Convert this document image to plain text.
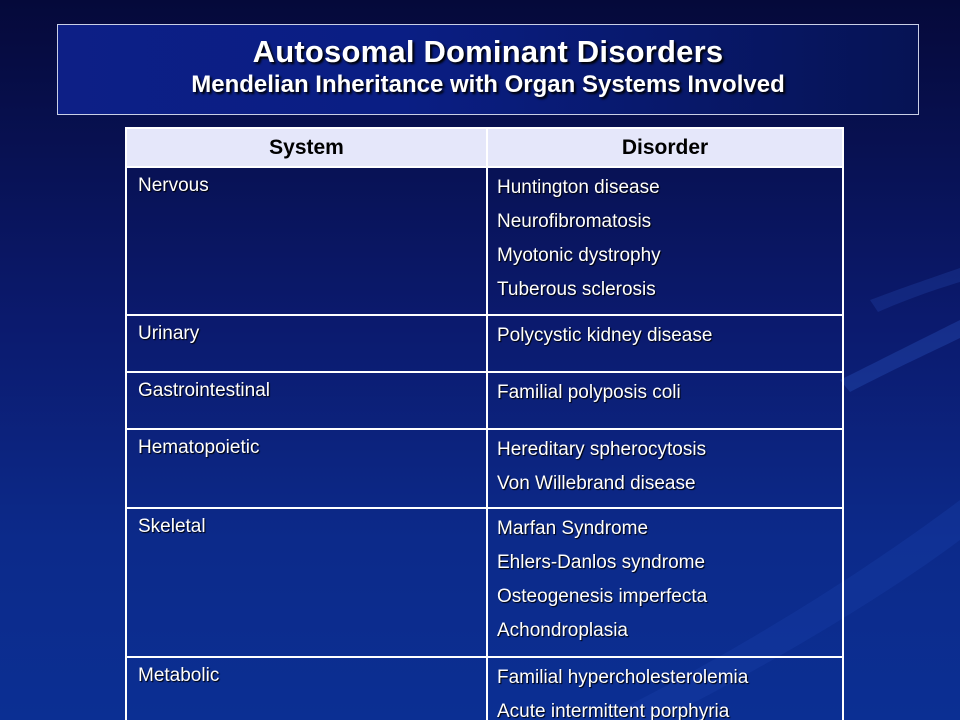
Autosomal Dominant Disorders
Mendelian Inheritance with Organ Systems Involved
System	Disorder
Nervous	Huntington disease
Neurofibromatosis
Myotonic dystrophy
Tuberous sclerosis

Urinary	Polycystic kidney disease

Gastrointestinal	Familial polyposis coli

Hematopoietic	Hereditary spherocytosis
Von Willebrand disease

Skeletal	Marfan Syndrome
Ehlers-Danlos syndrome
Osteogenesis imperfecta
Achondroplasia

Metabolic	Familial hypercholesterolemia
Acute intermittent porphyria
